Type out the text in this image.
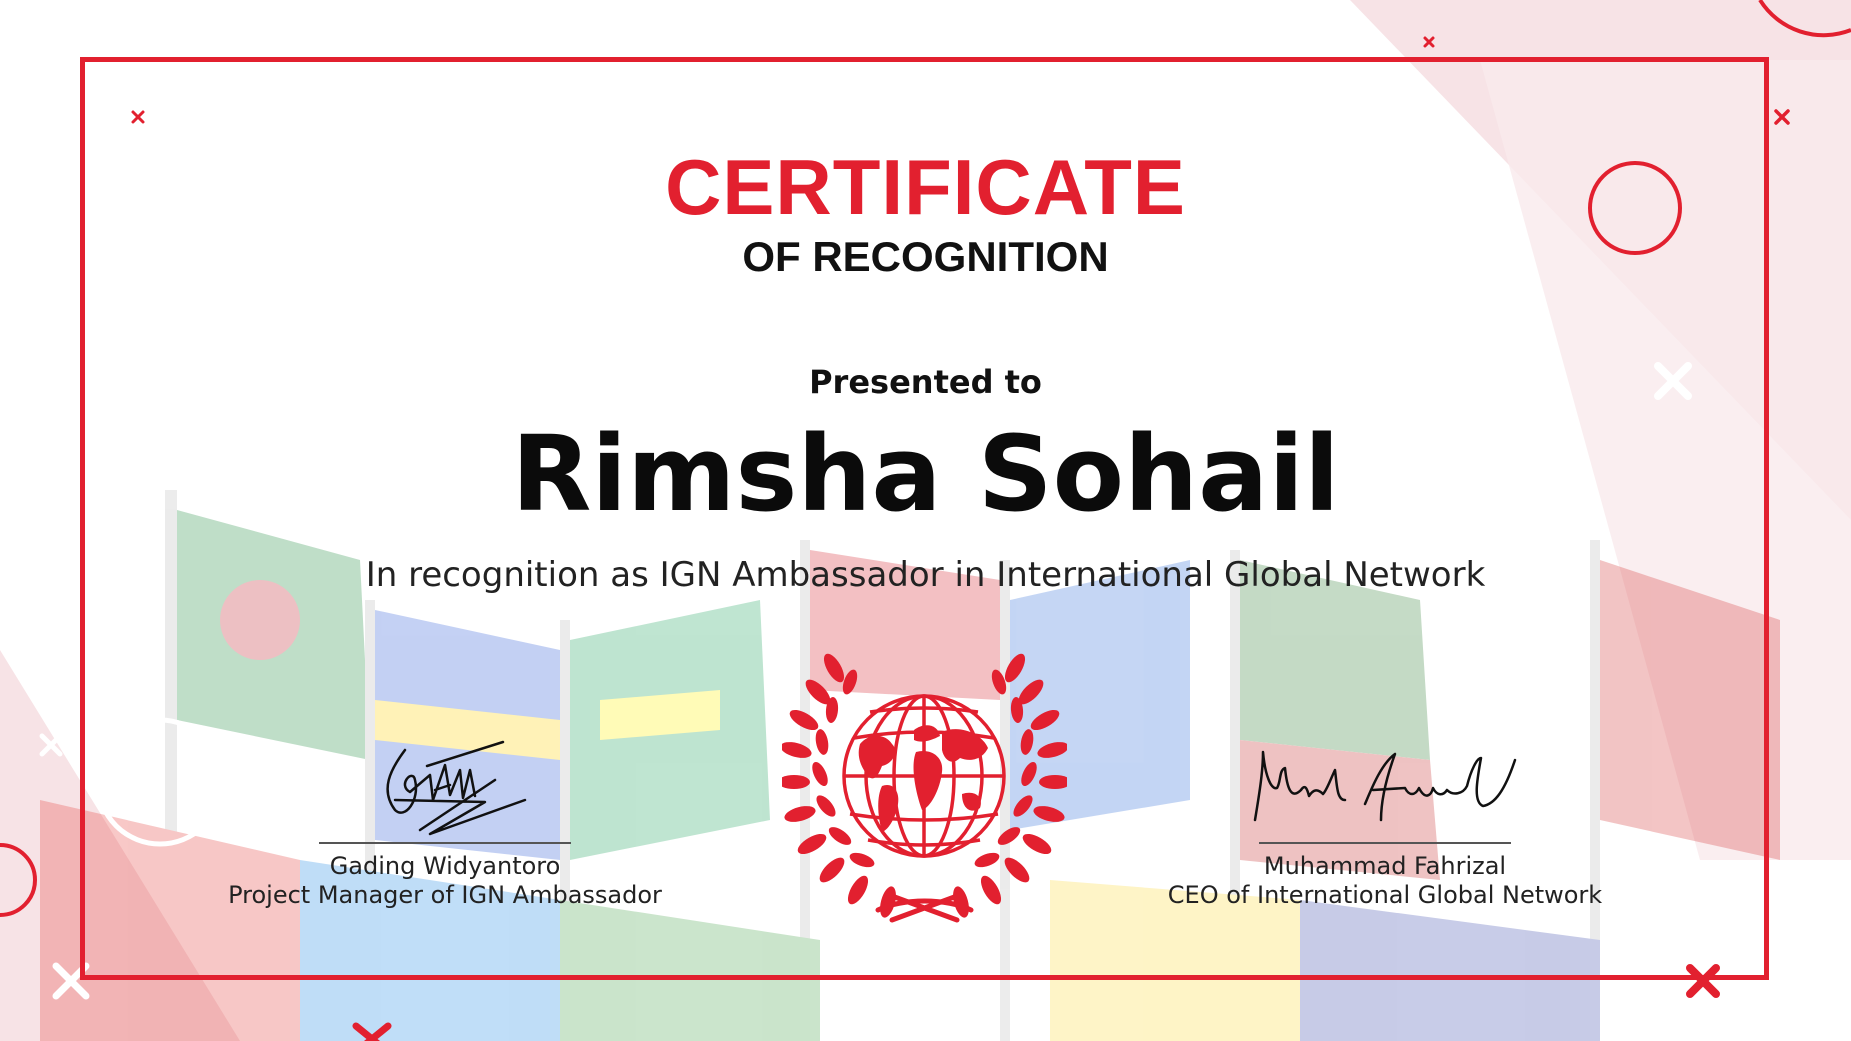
CERTIFICATE
OF RECOGNITION
Presented to
Rimsha Sohail
In recognition as IGN Ambassador in International Global Network
Gading Widyantoro
Project Manager of IGN Ambassador
Muhammad Fahrizal
CEO of International Global Network
